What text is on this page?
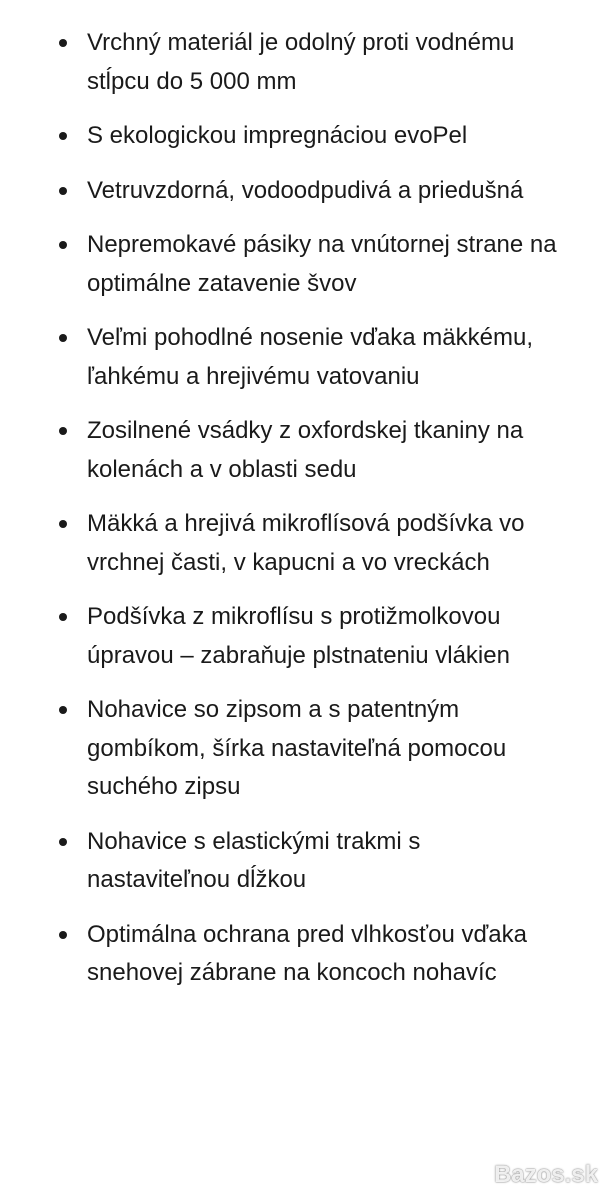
Vrchný materiál je odolný proti vodnému stĺpcu do 5 000 mm
S ekologickou impregnáciou evoPel
Vetruvzdorná, vodoodpudivá a priedušná
Nepremokavé pásiky na vnútornej strane na optimálne zatavenie švov
Veľmi pohodlné nosenie vďaka mäkkému, ľahkému a hrejivému vatovaniu
Zosilnené vsádky z oxfordskej tkaniny na kolenách a v oblasti sedu
Mäkká a hrejivá mikroflísová podšívka vo vrchnej časti, v kapucni a vo vreckách
Podšívka z mikroflísu s protižmolkovou úpravou – zabraňuje plstnateniu vlákien
Nohavice so zipsom a s patentným gombíkom, šírka nastaviteľná pomocou suchého zipsu
Nohavice s elastickými trakmi s nastaviteľnou dĺžkou
Optimálna ochrana pred vlhkosťou vďaka snehovej zábrane na koncoch nohavíc
Bazos.sk
